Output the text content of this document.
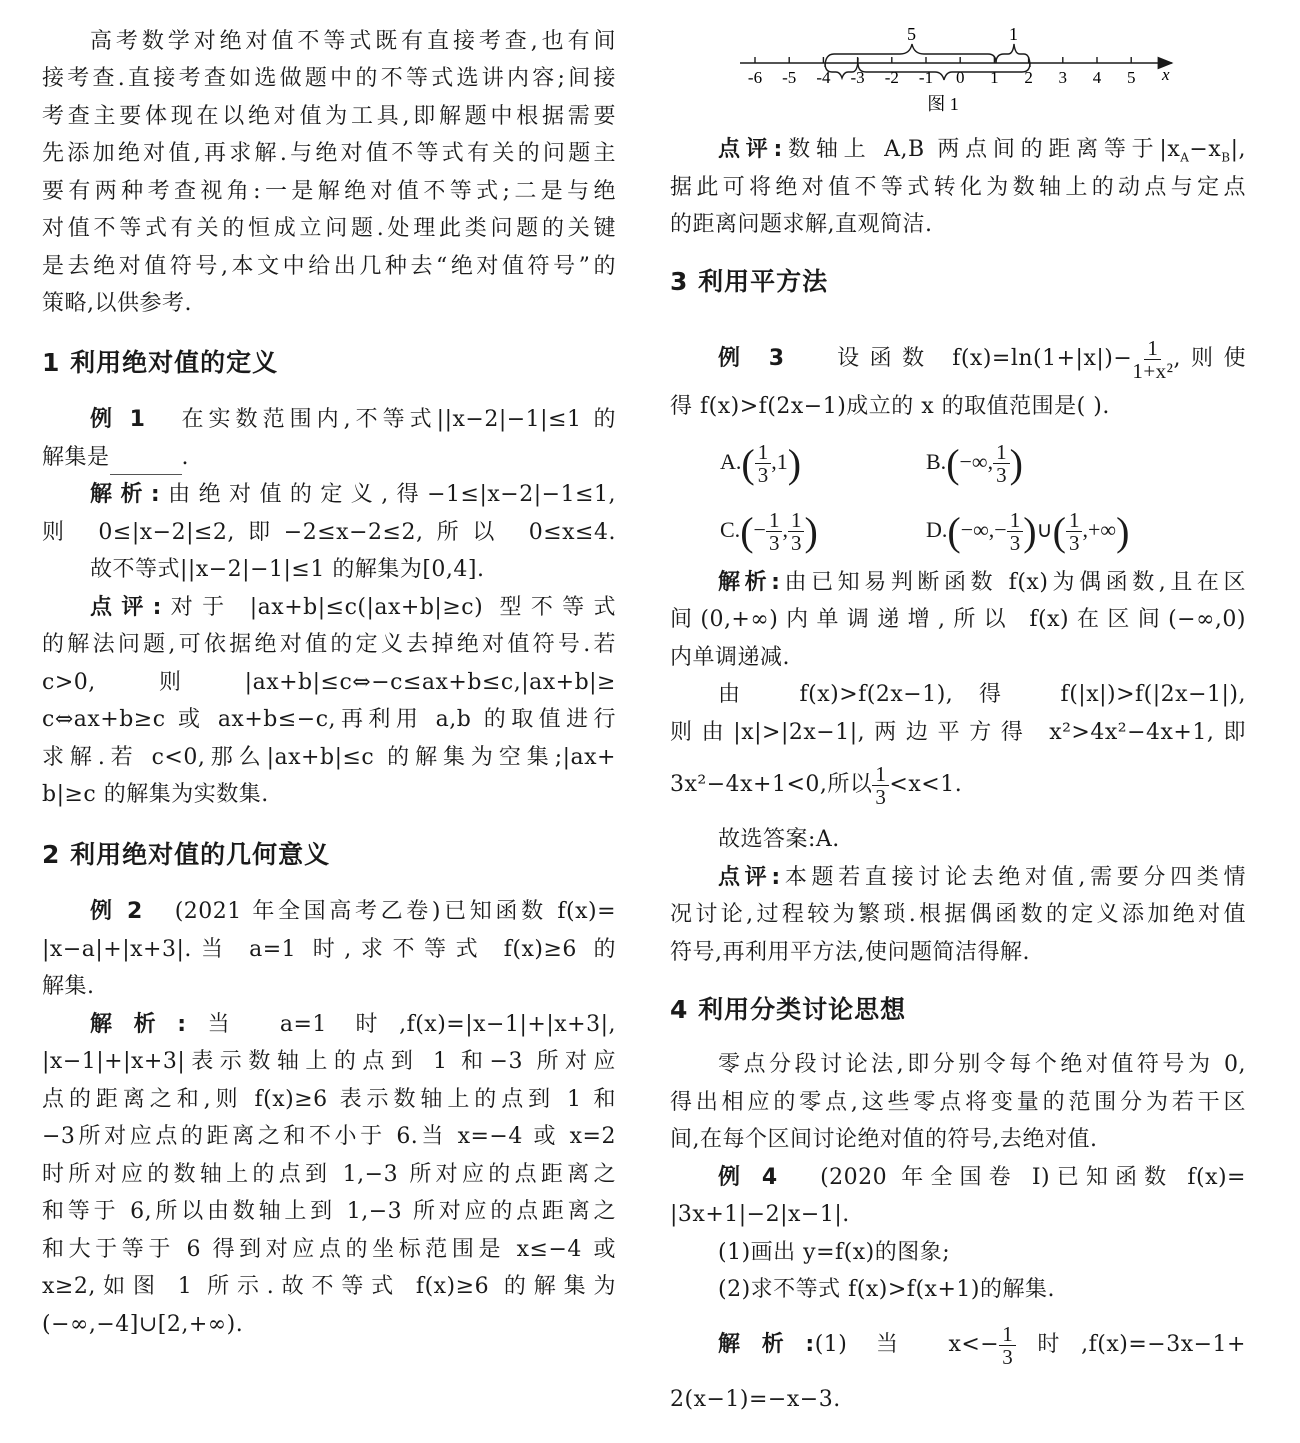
高考数学对绝对值不等式既有直接考查,也有间
接考查.直接考查如选做题中的不等式选讲内容;间接
考查主要体现在以绝对值为工具,即解题中根据需要
先添加绝对值,再求解.与绝对值不等式有关的问题主
要有两种考查视角:一是解绝对值不等式;二是与绝
对值不等式有关的恒成立问题.处理此类问题的关键
是去绝对值符号,本文中给出几种去“绝对值符号”的
策略,以供参考.
1 利用绝对值的定义
例 1 在实数范围内,不等式||x−2|−1|≤1 的
解集是	.
解析:由绝对值的定义,得−1≤|x−2|−1≤1,
则 0≤|x−2|≤2,即−2≤x−2≤2,所以 0≤x≤4.
故不等式||x−2|−1|≤1 的解集为[0,4].
点评:对于 |ax+b|≤c(|ax+b|≥c) 型不等式
的解法问题,可依据绝对值的定义去掉绝对值符号.若
c>0,则|ax+b|≤c⇔−c≤ax+b≤c,|ax+b|≥
c⇔ax+b≥c 或 ax+b≤−c,再利用 a,b 的取值进行
求解.若 c<0,那么|ax+b|≤c 的解集为空集;|ax+
b|≥c 的解集为实数集.
2 利用绝对值的几何意义
例 2 (2021 年全国高考乙卷)已知函数 f(x)=
|x−a|+|x+3|.当 a=1 时,求不等式 f(x)≥6 的
解集.
解析:当 a=1 时,f(x)=|x−1|+|x+3|,
|x−1|+|x+3|表示数轴上的点到 1 和−3 所对应
点的距离之和,则 f(x)≥6 表示数轴上的点到 1 和
−3所对应点的距离之和不小于 6.当 x=−4 或 x=2
时所对应的数轴上的点到 1,−3 所对应的点距离之
和等于 6,所以由数轴上到 1,−3 所对应的点距离之
和大于等于 6 得到对应点的坐标范围是 x≤−4 或
x≥2,如图 1 所示.故不等式 f(x)≥6 的解集为
(−∞,−4]∪[2,+∞).
x
-6 -5 -4 -3 -2 -1 0 1 2 3 4 5
5	1
图 1
点评:数轴上 A,B 两点间的距离等于$|x_A-x_B|$,
据此可将绝对值不等式转化为数轴上的动点与定点
的距离问题求解,直观简洁.
3 利用平方法
例 3 设函数 $f(x)=\ln(1+|x|)- \frac{1}{\text{1+x²}}$ ,则使
得 f(x)>f(2x−1)成立的 x 的取值范围是( ).
$A.( \frac{1}{3} ,1)$	B.(−∞, $\frac{1}{3}$ )
$C.(- \frac{1}{3}$ , $\frac{1}{3}$ )	$D.(-\infty,- \frac{1}{3}$ )∪( $\frac{1}{3}$ ,+∞)
解析:由已知易判断函数 f(x)为偶函数,且在区
间(0,+∞)内单调递增,所以 f(x)在区间(−∞,0)
内单调递减.
由 f(x)>f(2x−1),得 f(|x|)>f(|2x−1|),
则由|x|>|2x−1|,两边平方得 x²>4x²−4x+1,即
3x²−4x+1<0,所以 $\frac{1}{3} <x<1$.
故选答案:A.
点评:本题若直接讨论去绝对值,需要分四类情
况讨论,过程较为繁琐.根据偶函数的定义添加绝对值
符号,再利用平方法,使问题简洁得解.
4 利用分类讨论思想
零点分段讨论法,即分别令每个绝对值符号为 0,
得出相应的零点,这些零点将变量的范围分为若干区
间,在每个区间讨论绝对值的符号,去绝对值.
例 4 (2020 年全国卷 I)已知函数 f(x)=
|3x+1|−2|x−1|.
(1)画出 y=f(x)的图象;
(2)求不等式 f(x)>f(x+1)的解集.
解析:(1) 当 $x<- \frac{1}{3}$ 时,f(x)=−3x−1+
2(x−1)=−x−3.
